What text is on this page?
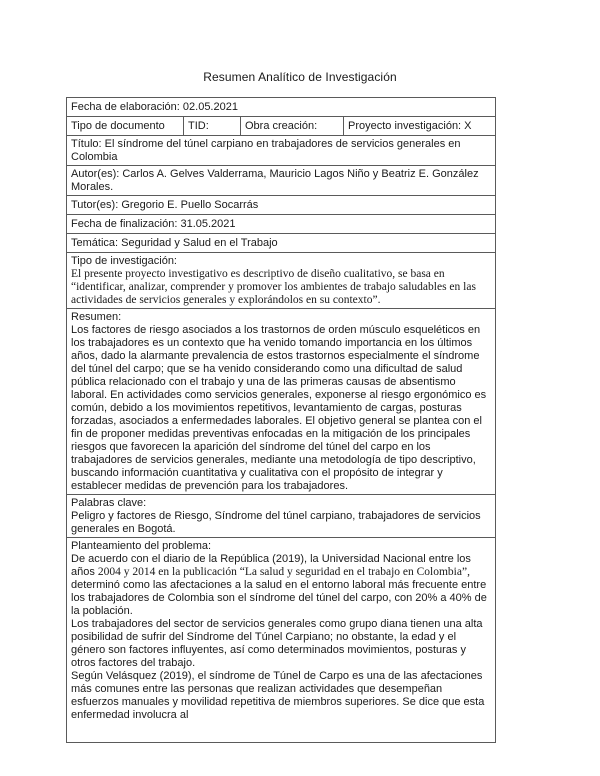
Resumen Analítico de Investigación
Fecha de elaboración: 02.05.2021
Tipo de documento	TID:	Obra creación:	Proyecto investigación: X
Título: El síndrome del túnel carpiano en trabajadores de servicios generales en Colombia
Autor(es): Carlos A. Gelves Valderrama, Mauricio Lagos Niño y Beatriz E. González Morales.
Tutor(es): Gregorio E. Puello Socarrás
Fecha de finalización: 31.05.2021
Temática: Seguridad y Salud en el Trabajo
Tipo de investigación:
El presente proyecto investigativo es descriptivo de diseño cualitativo, se basa en “identificar, analizar, comprender y promover los ambientes de trabajo saludables en las actividades de servicios generales y explorándolos en su contexto”.
Resumen:
Los factores de riesgo asociados a los trastornos de orden músculo esqueléticos en los trabajadores es un contexto que ha venido tomando importancia en los últimos años, dado la alarmante prevalencia de estos trastornos especialmente el síndrome del túnel del carpo; que se ha venido considerando como una dificultad de salud pública relacionado con el trabajo y una de las primeras causas de absentismo laboral. En actividades como servicios generales, exponerse al riesgo ergonómico es común, debido a los movimientos repetitivos, levantamiento de cargas, posturas forzadas, asociados a enfermedades laborales. El objetivo general se plantea con el fin de proponer medidas preventivas enfocadas en la mitigación de los principales riesgos que favorecen la aparición del síndrome del túnel del carpo en los trabajadores de servicios generales, mediante una metodología de tipo descriptivo, buscando información cuantitativa y cualitativa con el propósito de integrar y establecer medidas de prevención para los trabajadores.
Palabras clave:
Peligro y factores de Riesgo, Síndrome del túnel carpiano, trabajadores de servicios generales en Bogotá.
Planteamiento del problema:
De acuerdo con el diario de la República (2019), la Universidad Nacional entre los años 2004 y 2014 en la publicación “La salud y seguridad en el trabajo en Colombia”, determinó como las afectaciones a la salud en el entorno laboral más frecuente entre los trabajadores de Colombia son el síndrome del túnel del carpo, con 20% a 40% de la población.
Los trabajadores del sector de servicios generales como grupo diana tienen una alta posibilidad de sufrir del Síndrome del Túnel Carpiano; no obstante, la edad y el género son factores influyentes, así como determinados movimientos, posturas y otros factores del trabajo.
Según Velásquez (2019), el síndrome de Túnel de Carpo es una de las afectaciones más comunes entre las personas que realizan actividades que desempeñan esfuerzos manuales y movilidad repetitiva de miembros superiores. Se dice que esta enfermedad involucra al
